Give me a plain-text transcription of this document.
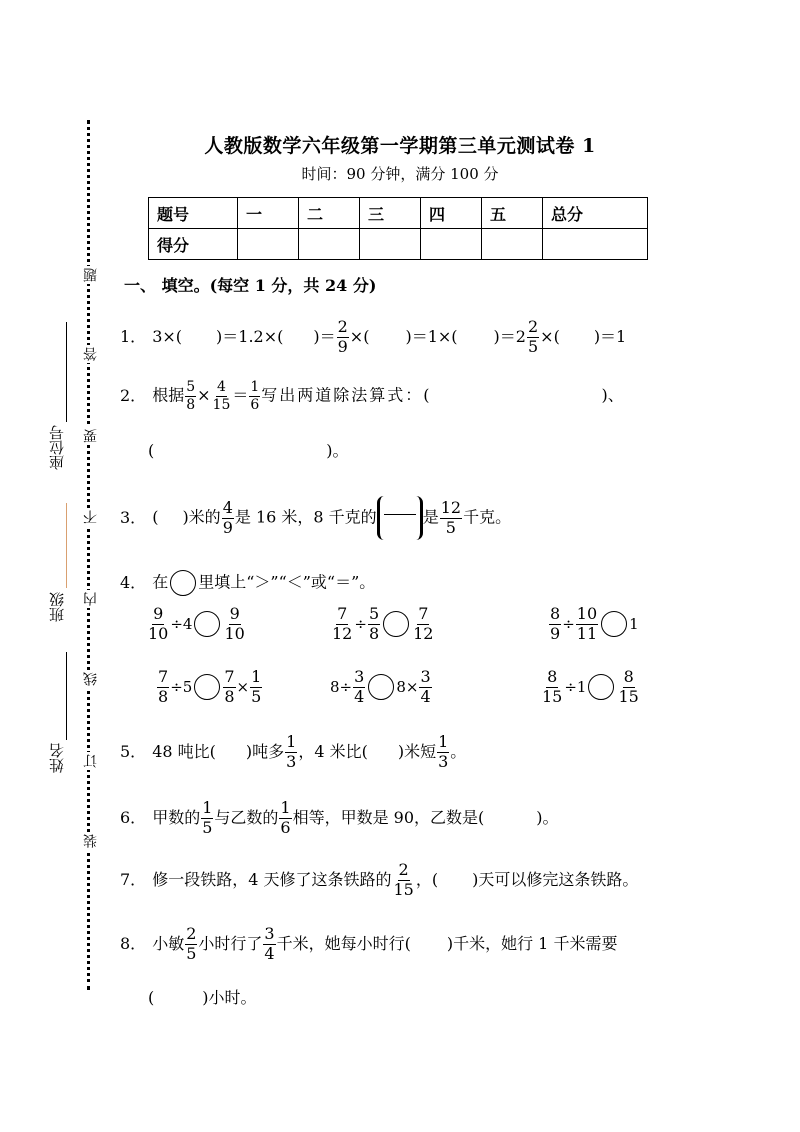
座位号
班级
姓名
题
答
要
不
内
线
订
装
人教版数学六年级第一学期第三单元测试卷 1
时间：90 分钟，满分 100 分
题号	一	二	三	四	五	总分
得分						
一、 填空。(每空 1 分，共 24 分)
1． 3×( )＝1.2×( )＝ $\frac{2}{9}$ ×( )＝1×( )$=2 \frac{2}{5}$ ×( )＝1
2． 根据 $\frac{5}{8} \times \frac{4}{15} = \frac{1}{6}$ 写出两道除法算式：(	)、
(	)。
3． ( )米的 $\frac{4}{9}$ 是 16 米，8 千克的	是 $\frac{12}{5}$ 千克。
4． 在 里填上“＞”“＜”或“＝”。
$\frac{9}{10} \div 4 \frac{9}{10}$	$\frac{7}{12} \div \frac{5}{8} \frac{7}{12}$	$\frac{8}{9} \div \frac{10}{11} 1$
$\frac{7}{8} \div 5 \frac{7}{8} \times \frac{1}{5}$	$8\div \frac{3}{4} 8\times \frac{3}{4}$	$\frac{8}{15} \div 1 \frac{8}{15}$
5． 48 吨比( )吨多 $\frac{1}{3}$ ，4 米比( )米短 $\frac{1}{3}$ 。
6． 甲数的 $\frac{1}{5}$ 与乙数的 $\frac{1}{6}$ 相等，甲数是 90，乙数是(	)。
7． 修一段铁路，4 天修了这条铁路的 $\frac{2}{15}$ ，( )天可以修完这条铁路。
8． 小敏 $\frac{2}{5}$ 小时行了 $\frac{3}{4}$ 千米，她每小时行( )千米，她行 1 千米需要
(	)小时。
